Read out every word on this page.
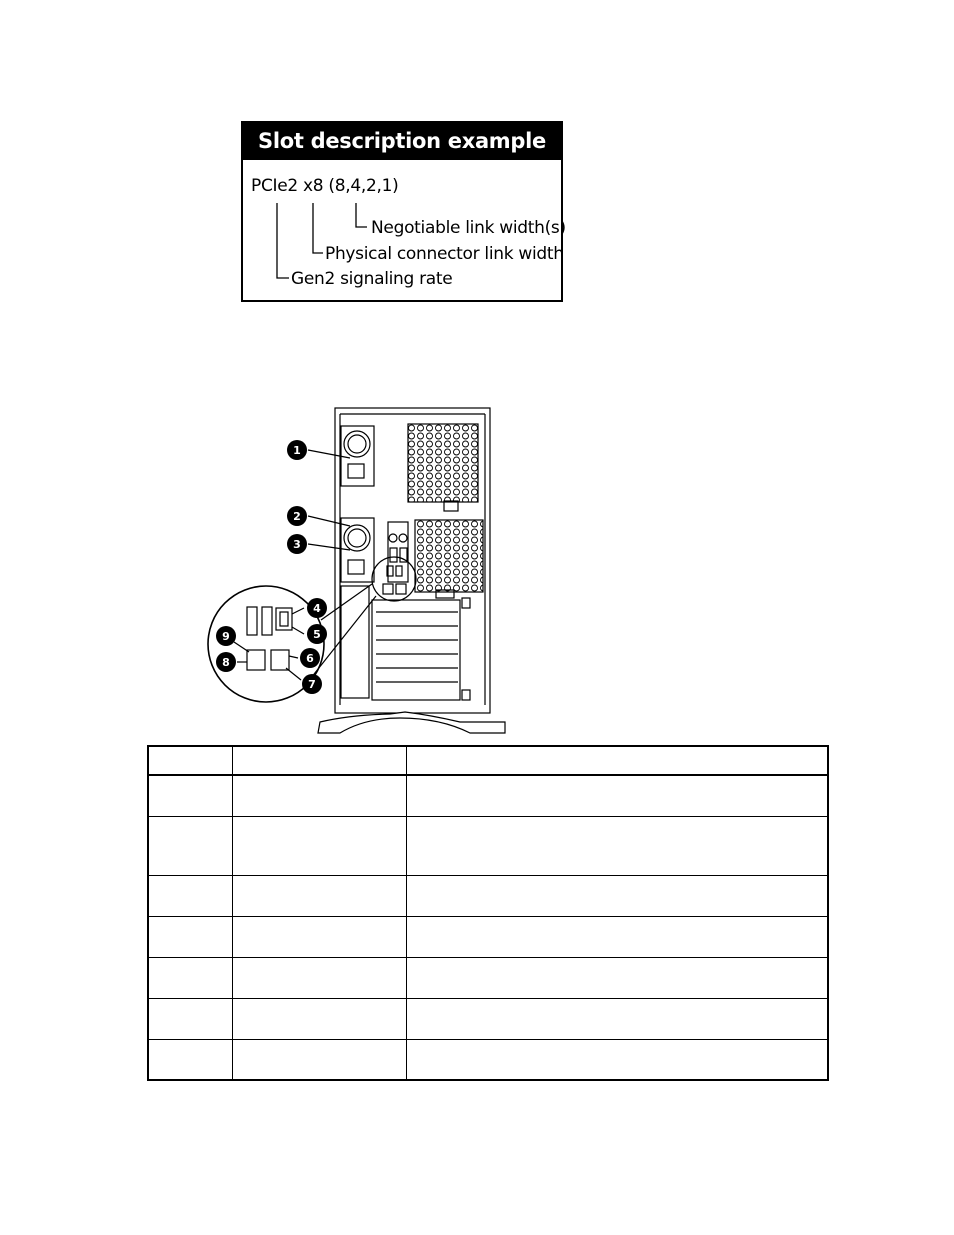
Slot description example
PCIe2 x8 (8,4,2,1)
Negotiable link width(s)
Physical connector link width
Gen2 signaling rate
1
2
3
4
5
6
7
8
9
